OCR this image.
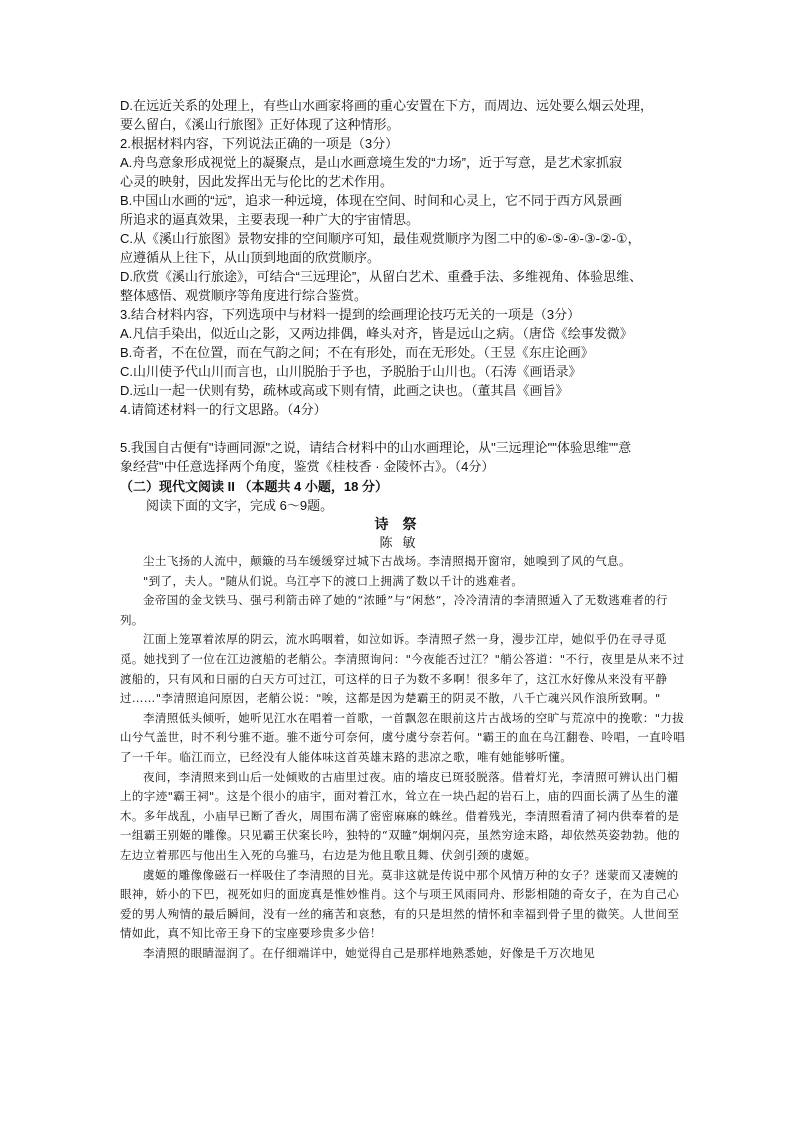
D.在远近关系的处理上，有些山水画家将画的重心安置在下方，而周边、远处要么烟云处理，

要么留白，《溪山行旅图》正好体现了这种情形。

2.根据材料内容，下列说法正确的一项是（3分）

A.舟鸟意象形成视觉上的凝聚点，是山水画意境生发的“力场”，近于写意，是艺术家抓寂

心灵的映射，因此发挥出无与伦比的艺术作用。

B.中国山水画的“远”，追求一种远境，体现在空间、时间和心灵上，它不同于西方风景画

所追求的逼真效果，主要表现一种广大的宇宙情思。

C.从《溪山行旅图》景物安排的空间顺序可知，最佳观赏顺序为图二中的⑥-⑤-④-③-②-①，

应遵循从上往下，从山顶到地面的欣赏顺序。

D.欣赏《溪山行旅途》，可结合“三远理论”，从留白艺术、重叠手法、多维视角、体验思维、

整体感悟、观赏顺序等角度进行综合鉴赏。

3.结合材料内容，下列选项中与材料一提到的绘画理论技巧无关的一项是（3分）

A.凡信手染出，似近山之影，又两边排偶，峰头对齐，皆是远山之病。（唐岱《绘事发微》

B.奇者，不在位置，而在气韵之间；不在有形处，而在无形处。（王昱《东庄论画》

C.山川使予代山川而言也，山川脱胎于予也，予脱胎于山川也。（石涛《画语录》

D.远山一起一伏则有势，疏林或高或下则有情，此画之诀也。（董其昌《画旨》

4.请简述材料一的行文思路。（4分）

5.我国自古便有"诗画同源"之说，请结合材料中的山水画理论，从"三远理论""体验思维""意

象经营"中任意选择两个角度，鉴赏《桂枝香 · 金陵怀古》。（4分）

（二）现代文阅读 II （本题共 4 小题，18 分）

阅读下面的文字，完成 6～9题。

诗祭

陈敏

尘土飞扬的人流中，颠簸的马车缓缓穿过城下古战场。李清照揭开窗帘，她嗅到了风的气息。

"到了，夫人。"随从们说。乌江亭下的渡口上拥满了数以千计的逃难者。

金帝国的金戈铁马、强弓利箭击碎了她的“浓睡”与“闲愁”，冷冷清清的李清照遁入了无数逃难者的行列。

江面上笼罩着浓厚的阴云，流水呜咽着，如泣如诉。李清照孑然一身，漫步江岸，她似乎仍在寻寻觅觅。她找到了一位在江边渡船的老艄公。李清照询问："今夜能否过江？"艄公答道："不行，夜里是从来不过渡船的，只有风和日丽的白天方可过江，可这样的日子为数不多啊！很多年了，这江水好像从来没有平静过……"李清照追问原因，老艄公说："唉，这都是因为楚霸王的阴灵不散，八千亡魂兴风作浪所致啊。"

李清照低头倾听，她听见江水在唱着一首歌，一首飘忽在眼前这片古战场的空旷与荒凉中的挽歌："力拔山兮气盖世，时不利兮骓不逝。骓不逝兮可奈何，虞兮虞兮奈若何。"霸王的血在乌江翻卷、呤唱，一直呤唱了一千年。临江而立，已经没有人能体味这首英雄末路的悲凉之歌，唯有她能够听懂。

夜间，李清照来到山后一处倾败的古庙里过夜。庙的墙皮已斑驳脱落。借着灯光，李清照可辨认出门楣上的字迹"霸王祠"。这是个很小的庙宇，面对着江水，耸立在一块凸起的岩石上，庙的四面长满了丛生的灌木。多年战乱，小庙早已断了香火，周围布满了密密麻麻的蛛丝。借着残光，李清照看清了祠内供奉着的是一组霸王别姬的雕像。只见霸王伏案长吟，独特的“双瞳”炯炯闪亮，虽然穷途末路，却依然英姿勃勃。他的左边立着那匹与他出生入死的乌骓马，右边是为他且歌且舞、伏剑引颈的虞姬。

虞姬的雕像像磁石一样吸住了李清照的目光。莫非这就是传说中那个风情万种的女子？迷蒙而又凄婉的眼神，娇小的下巴，视死如归的面庞真是惟妙惟肖。这个与项王风雨同舟、形影相随的奇女子，在为自己心爱的男人殉情的最后瞬间，没有一丝的痛苦和哀愁，有的只是坦然的情怀和幸福到骨子里的微笑。人世间至情如此，真不知比帝王身下的宝座要珍贵多少倍！

李清照的眼睛湿润了。在仔细端详中，她觉得自己是那样地熟悉她，好像是千万次地见
